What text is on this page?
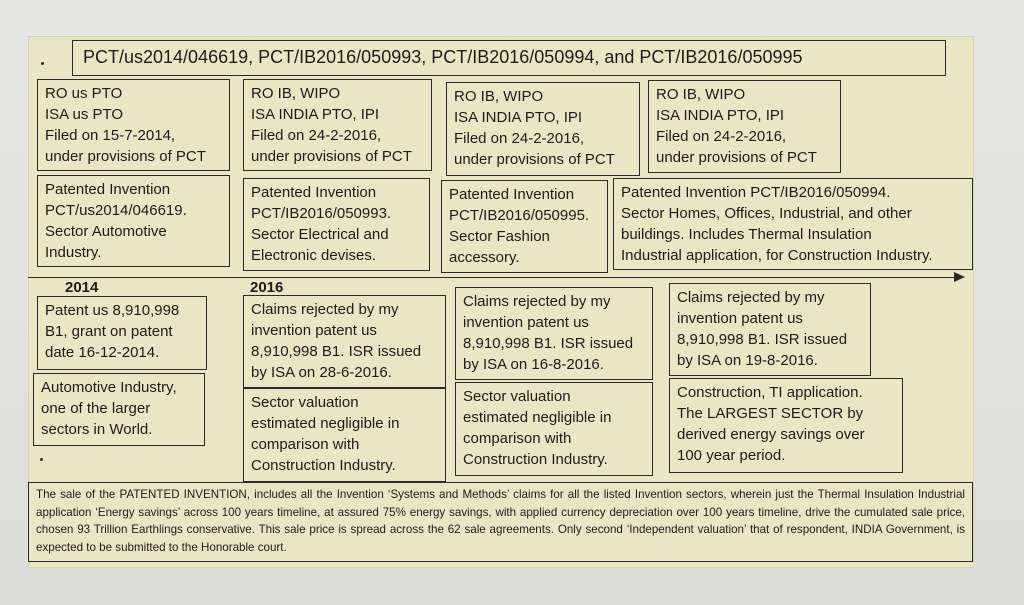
PCT/us2014/046619, PCT/IB2016/050993, PCT/IB2016/050994, and PCT/IB2016/050995
RO us PTO
ISA us PTO
Filed on 15-7-2014,
under provisions of PCT
RO IB, WIPO
ISA INDIA PTO, IPI
Filed on 24-2-2016,
under provisions of PCT
RO IB, WIPO
ISA INDIA PTO, IPI
Filed on 24-2-2016,
under provisions of PCT
RO IB, WIPO
ISA INDIA PTO, IPI
Filed on 24-2-2016,
under provisions of PCT
Patented Invention
PCT/us2014/046619.
Sector Automotive
Industry.
Patented Invention
PCT/IB2016/050993.
Sector Electrical and
Electronic devises.
Patented Invention
PCT/IB2016/050995.
Sector Fashion
accessory.
Patented Invention PCT/IB2016/050994.
Sector Homes, Offices, Industrial, and other
buildings. Includes Thermal Insulation
Industrial application, for Construction Industry.
2014	2016
Patent us 8,910,998
B1, grant on patent
date 16-12-2014.
Claims rejected by my
invention patent us
8,910,998 B1. ISR issued
by ISA on 28-6-2016.
Claims rejected by my
invention patent us
8,910,998 B1. ISR issued
by ISA on 16-8-2016.
Claims rejected by my
invention patent us
8,910,998 B1. ISR issued
by ISA on 19-8-2016.
Automotive Industry,
one of the larger
sectors in World.
Sector valuation
estimated negligible in
comparison with
Construction Industry.
Sector valuation
estimated negligible in
comparison with
Construction Industry.
Construction, TI application.
The LARGEST SECTOR by
derived energy savings over
100 year period.
The sale of the PATENTED INVENTION, includes all the Invention ‘Systems and Methods’ claims for all the listed Invention sectors, wherein just the Thermal Insulation Industrial application ‘Energy savings’ across 100 years timeline, at assured 75% energy savings, with applied currency depreciation over 100 years timeline, drive the cumulated sale price, chosen 93 Trillion Earthlings conservative. This sale price is spread across the 62 sale agreements. Only second ‘Independent valuation’ that of respondent, INDIA Government, is expected to be submitted to the Honorable court.
